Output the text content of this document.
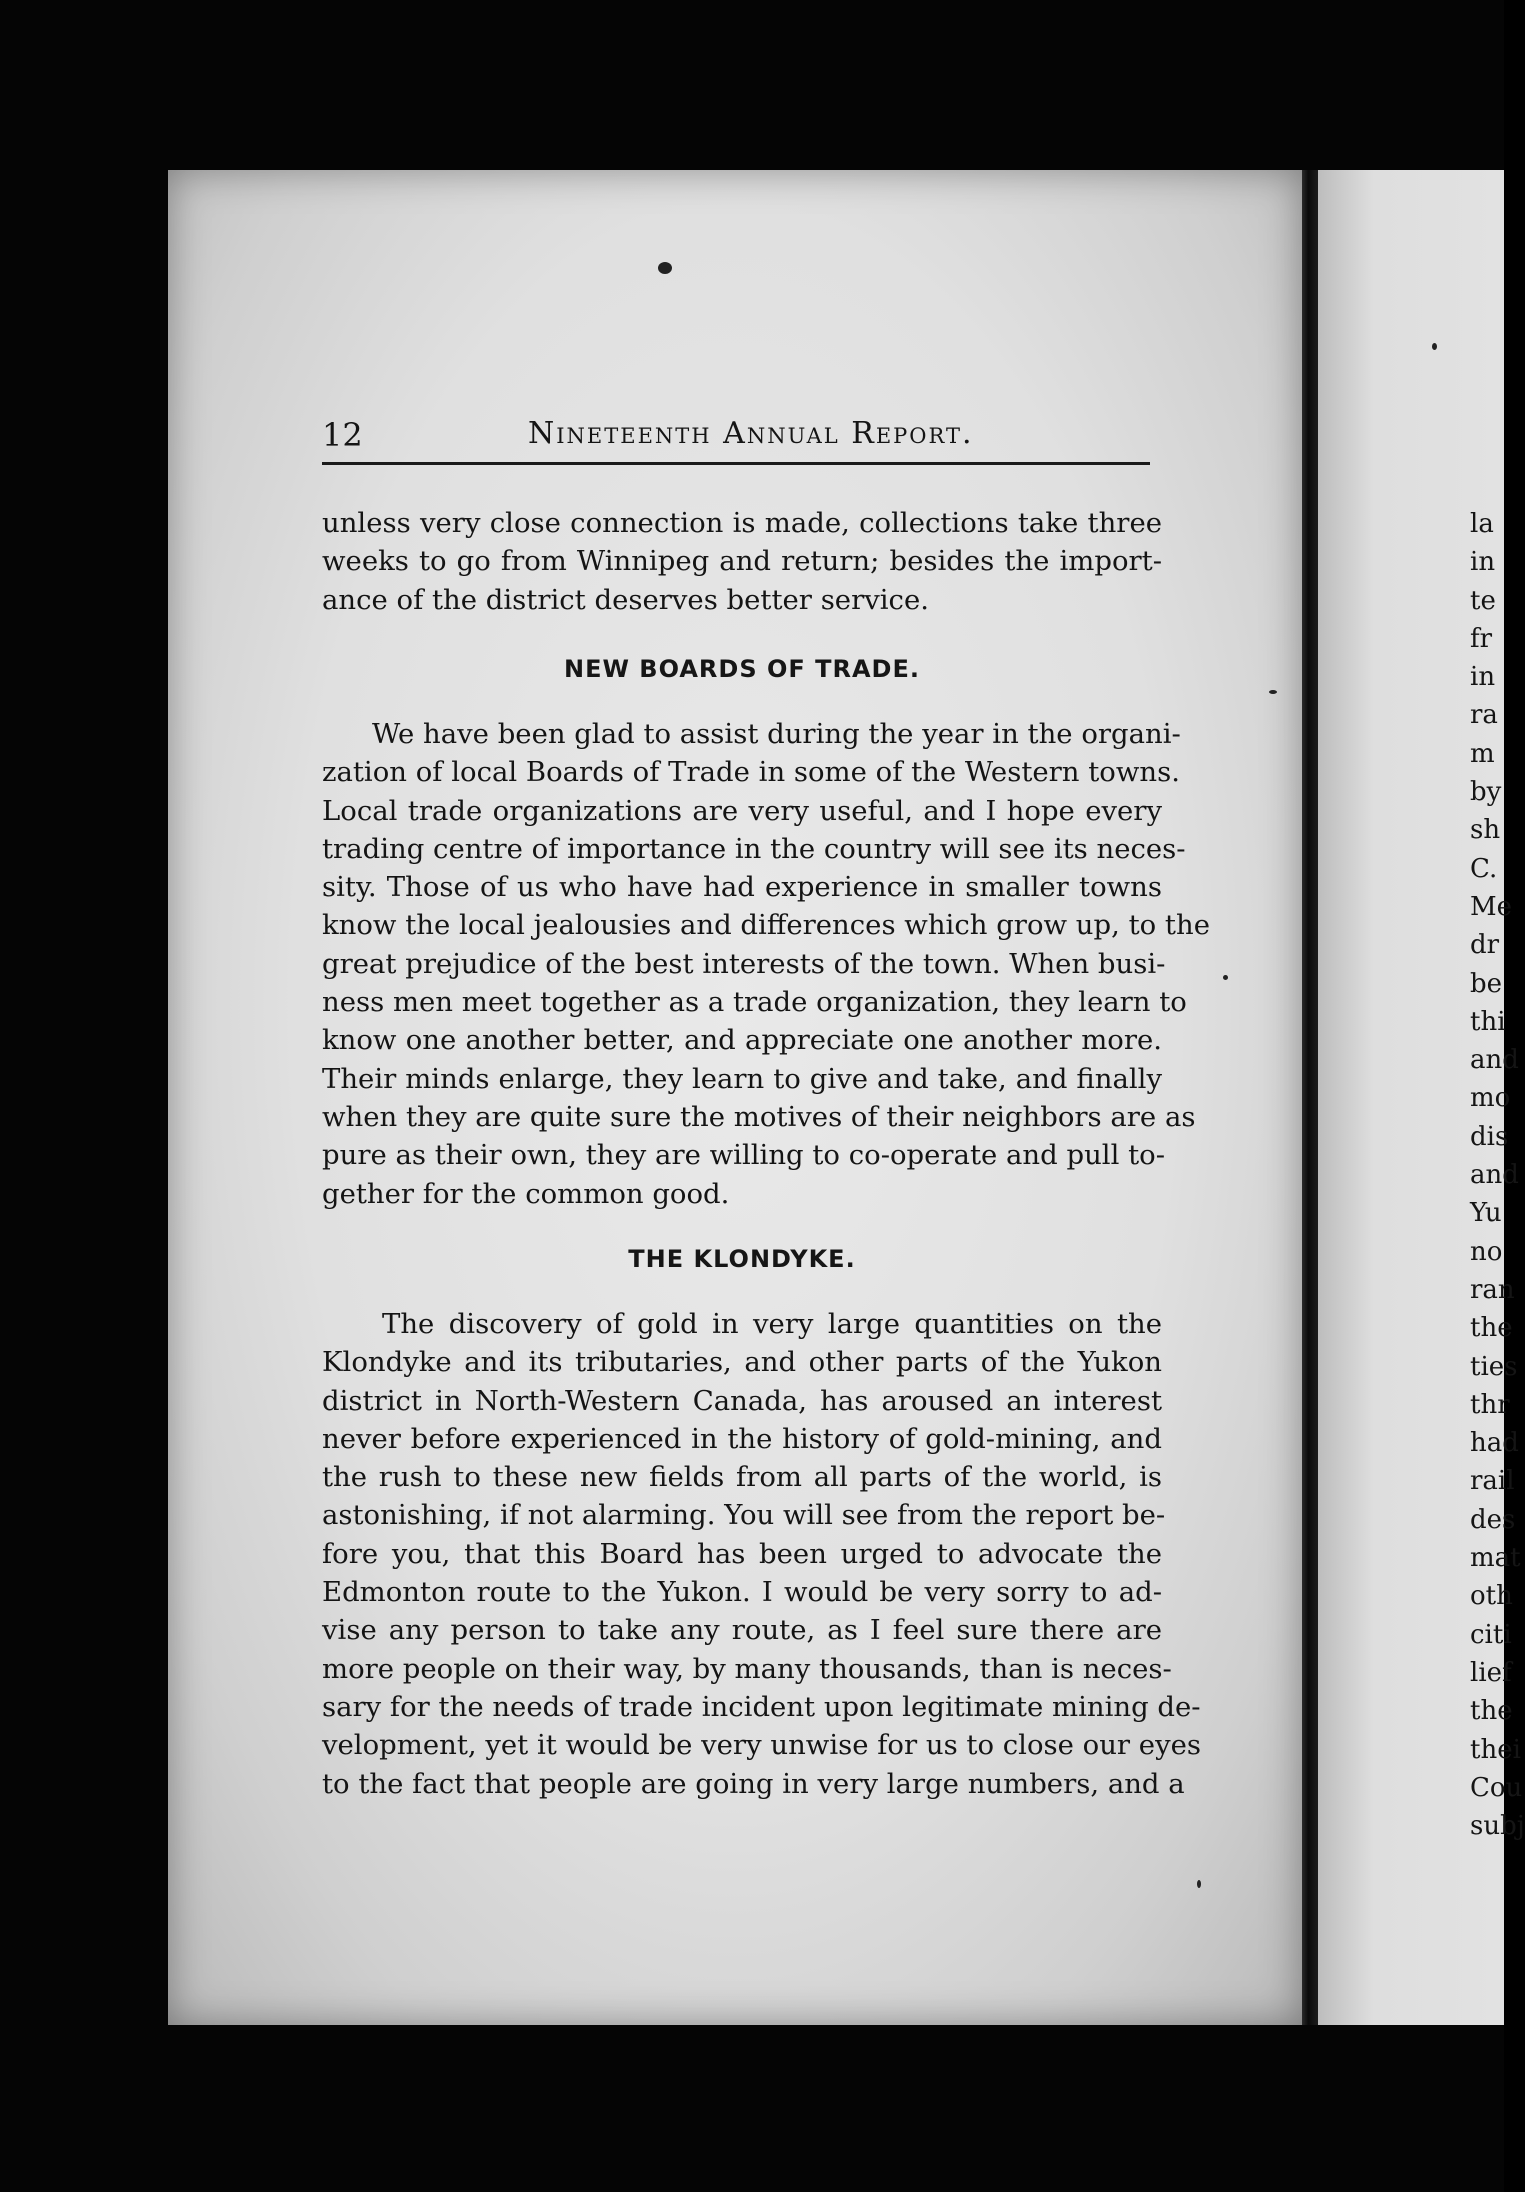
12	Nineteenth Annual Report.
unless very close connection is made, collections take three
weeks to go from Winnipeg and return; besides the import-
ance of the district deserves better service.
NEW BOARDS OF TRADE.
We have been glad to assist during the year in the organi-
zation of local Boards of Trade in some of the Western towns.
Local trade organizations are very useful, and I hope every
trading centre of importance in the country will see its neces-
sity. Those of us who have had experience in smaller towns
know the local jealousies and differences which grow up, to the
great prejudice of the best interests of the town. When busi-
ness men meet together as a trade organization, they learn to
know one another better, and appreciate one another more.
Their minds enlarge, they learn to give and take, and finally
when they are quite sure the motives of their neighbors are as
pure as their own, they are willing to co-operate and pull to-
gether for the common good.
THE KLONDYKE.
The discovery of gold in very large quantities on the
Klondyke and its tributaries, and other parts of the Yukon
district in North-Western Canada, has aroused an interest
never before experienced in the history of gold-mining, and
the rush to these new fields from all parts of the world, is
astonishing, if not alarming. You will see from the report be-
fore you, that this Board has been urged to advocate the
Edmonton route to the Yukon. I would be very sorry to ad-
vise any person to take any route, as I feel sure there are
more people on their way, by many thousands, than is neces-
sary for the needs of trade incident upon legitimate mining de-
velopment, yet it would be very unwise for us to close our eyes
to the fact that people are going in very large numbers, and a
la
in
te
fr
in
ra
m
by
sh
C.
Me
dr
be
thi
and
mo
dis
and
Yu
no
ran
the
ties
thr
had
rail
des
mat
oth
citi
lief
the
thei
Cou
subj
